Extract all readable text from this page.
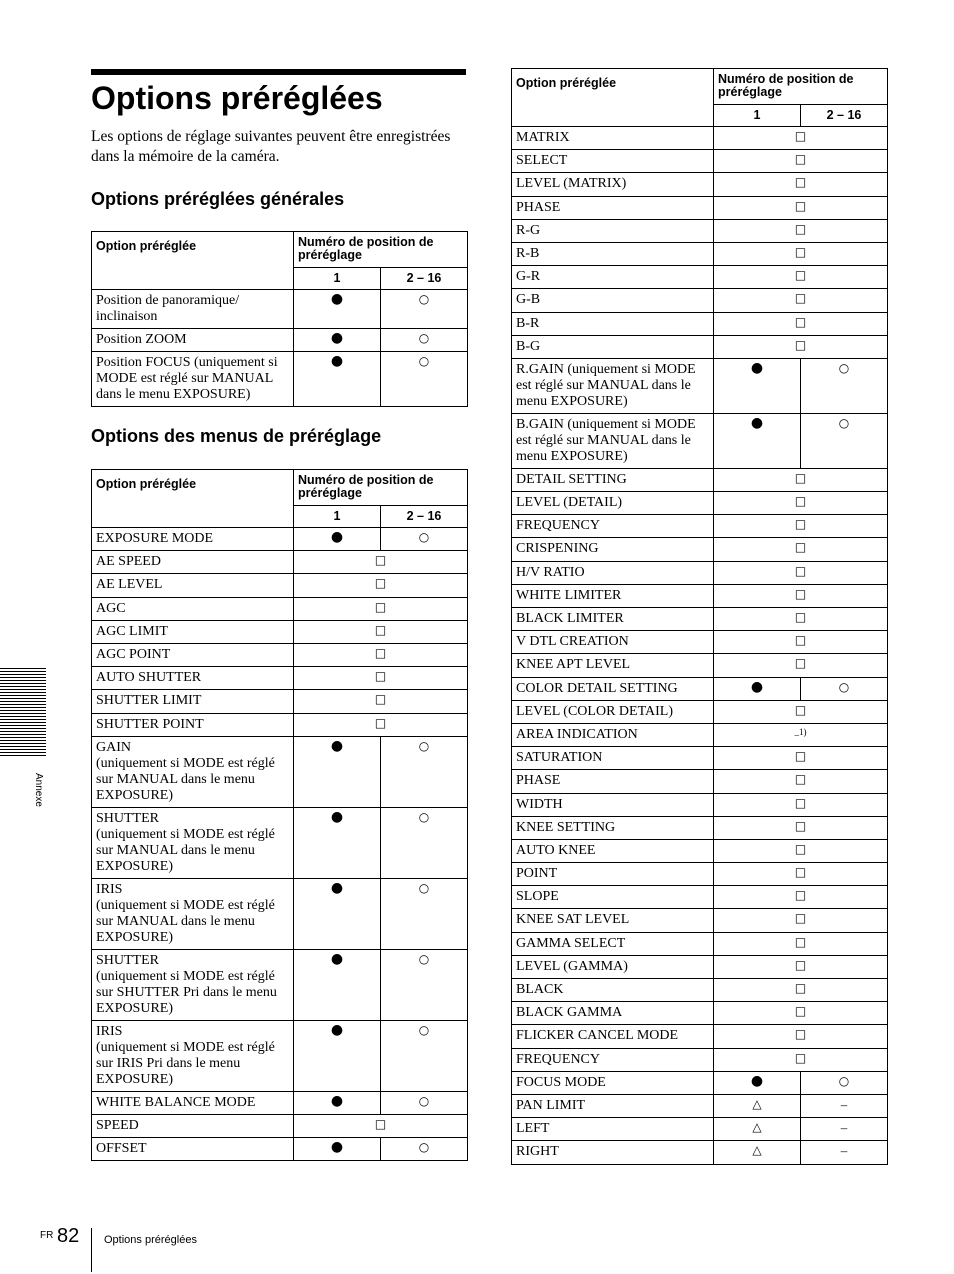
Options préréglées

Les options de réglage suivantes peuvent être enregistrées dans la mémoire de la caméra.

Options préréglées générales
Option préréglée	Numéro de position de préréglage	
	1	2 – 16
Position de panoramique/ inclinaison	●	○
Position ZOOM	●	○
Position FOCUS (uniquement si MODE est réglé sur MANUAL dans le menu EXPOSURE)	●	○
Options des menus de préréglage
Option préréglée	Numéro de position de préréglage	
	1	2 – 16
EXPOSURE MODE	●	○
AE SPEED	□	
AE LEVEL	□	
AGC	□	
AGC LIMIT	□	
AGC POINT	□	
AUTO SHUTTER	□	
SHUTTER LIMIT	□	
SHUTTER POINT	□	
GAIN
(uniquement si MODE est réglé sur MANUAL dans le menu EXPOSURE)	●	○
SHUTTER
(uniquement si MODE est réglé sur MANUAL dans le menu EXPOSURE)	●	○
IRIS
(uniquement si MODE est réglé sur MANUAL dans le menu EXPOSURE)	●	○
SHUTTER
(uniquement si MODE est réglé sur SHUTTER Pri dans le menu EXPOSURE)	●	○
IRIS
(uniquement si MODE est réglé sur IRIS Pri dans le menu EXPOSURE)	●	○
WHITE BALANCE MODE	●	○
SPEED	□	
OFFSET	●	○
Option préréglée	Numéro de position de préréglage	
	1	2 – 16
MATRIX	□	
SELECT	□	
LEVEL (MATRIX)	□	
PHASE	□	
R-G	□	
R-B	□	
G-R	□	
G-B	□	
B-R	□	
B-G	□	
R.GAIN (uniquement si MODE est réglé sur MANUAL dans le menu EXPOSURE)	●	○
B.GAIN (uniquement si MODE est réglé sur MANUAL dans le menu EXPOSURE)	●	○
DETAIL SETTING	□	
LEVEL (DETAIL)	□	
FREQUENCY	□	
CRISPENING	□	
H/V RATIO	□	
WHITE LIMITER	□	
BLACK LIMITER	□	
V DTL CREATION	□	
KNEE APT LEVEL	□	
COLOR DETAIL SETTING	●	○
LEVEL (COLOR DETAIL)	□	
AREA INDICATION	_1)	
SATURATION	□	
PHASE	□	
WIDTH	□	
KNEE SETTING	□	
AUTO KNEE	□	
POINT	□	
SLOPE	□	
KNEE SAT LEVEL	□	
GAMMA SELECT	□	
LEVEL (GAMMA)	□	
BLACK	□	
BLACK GAMMA	□	
FLICKER CANCEL MODE	□	
FREQUENCY	□	
FOCUS MODE	●	○
PAN LIMIT	△	–
LEFT	△	–
RIGHT	△	–
Annexe
FR 82 Options préréglées
